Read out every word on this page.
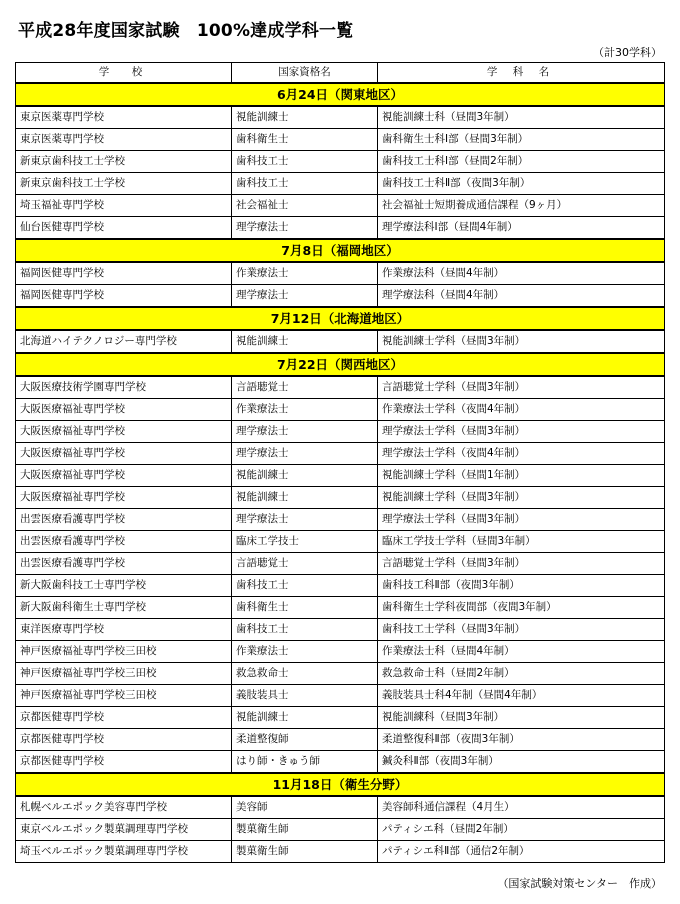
平成28年度国家試験　100%達成学科一覧
（計30学科）
学　校	国家資格名	学 科 名
6月24日（関東地区）		
東京医薬専門学校	視能訓練士	視能訓練士科（昼間3年制）
東京医薬専門学校	歯科衛生士	歯科衛生士科Ⅰ部（昼間3年制）
新東京歯科技工士学校	歯科技工士	歯科技工士科Ⅰ部（昼間2年制）
新東京歯科技工士学校	歯科技工士	歯科技工士科Ⅱ部（夜間3年制）
埼玉福祉専門学校	社会福祉士	社会福祉士短期養成通信課程（9ヶ月）
仙台医健専門学校	理学療法士	理学療法科Ⅰ部（昼間4年制）
7月8日（福岡地区）		
福岡医健専門学校	作業療法士	作業療法科（昼間4年制）
福岡医健専門学校	理学療法士	理学療法科（昼間4年制）
7月12日（北海道地区）		
北海道ハイテクノロジー専門学校	視能訓練士	視能訓練士学科（昼間3年制）
7月22日（関西地区）		
大阪医療技術学園専門学校	言語聴覚士	言語聴覚士学科（昼間3年制）
大阪医療福祉専門学校	作業療法士	作業療法士学科（夜間4年制）
大阪医療福祉専門学校	理学療法士	理学療法士学科（昼間3年制）
大阪医療福祉専門学校	理学療法士	理学療法士学科（夜間4年制）
大阪医療福祉専門学校	視能訓練士	視能訓練士学科（昼間1年制）
大阪医療福祉専門学校	視能訓練士	視能訓練士学科（昼間3年制）
出雲医療看護専門学校	理学療法士	理学療法士学科（昼間3年制）
出雲医療看護専門学校	臨床工学技士	臨床工学技士学科（昼間3年制）
出雲医療看護専門学校	言語聴覚士	言語聴覚士学科（昼間3年制）
新大阪歯科技工士専門学校	歯科技工士	歯科技工科Ⅱ部（夜間3年制）
新大阪歯科衛生士専門学校	歯科衛生士	歯科衛生士学科夜間部（夜間3年制）
東洋医療専門学校	歯科技工士	歯科技工士学科（昼間3年制）
神戸医療福祉専門学校三田校	作業療法士	作業療法士科（昼間4年制）
神戸医療福祉専門学校三田校	救急救命士	救急救命士科（昼間2年制）
神戸医療福祉専門学校三田校	義肢装具士	義肢装具士科4年制（昼間4年制）
京都医健専門学校	視能訓練士	視能訓練科（昼間3年制）
京都医健専門学校	柔道整復師	柔道整復科Ⅱ部（夜間3年制）
京都医健専門学校	はり師・きゅう師	鍼灸科Ⅱ部（夜間3年制）
11月18日（衛生分野）		
札幌ベルエポック美容専門学校	美容師	美容師科通信課程（4月生）
東京ベルエポック製菓調理専門学校	製菓衛生師	パティシエ科（昼間2年制）
埼玉ベルエポック製菓調理専門学校	製菓衛生師	パティシエ科Ⅱ部（通信2年制）
（国家試験対策センター　作成）
